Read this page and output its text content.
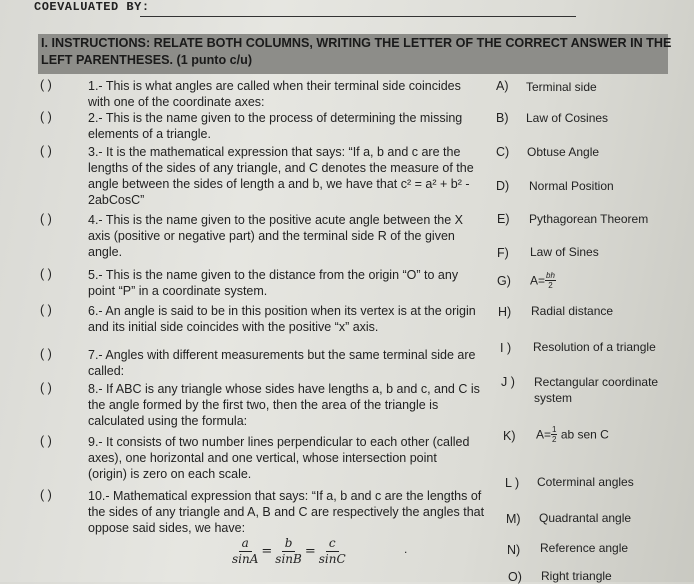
COEVALUATED BY:
I. INSTRUCTIONS: RELATE BOTH COLUMNS, WRITING THE LETTER OF THE CORRECT ANSWER IN THE
LEFT PARENTHESES. (1 punto c/u)
( )
( )
( )
( )
( )
( )
( )
( )
( )
( )
1.- This is what angles are called when their terminal side coincides
with one of the coordinate axes:
2.- This is the name given to the process of determining the missing
elements of a triangle.
3.- It is the mathematical expression that says: “If a, b and c are the
lengths of the sides of any triangle, and C denotes the measure of the
angle between the sides of length a and b, we have that c² = a² + b² -
2abCosC”
4.- This is the name given to the positive acute angle between the X
axis (positive or negative part) and the terminal side R of the given
angle.
5.- This is the name given to the distance from the origin “O” to any
point “P” in a coordinate system.
6.- An angle is said to be in this position when its vertex is at the origin
and its initial side coincides with the positive “x” axis.
7.- Angles with different measurements but the same terminal side are
called:
8.- If ABC is any triangle whose sides have lengths a, b and c, and C is
the angle formed by the first two, then the area of the triangle is
calculated using the formula:
9.- It consists of two number lines perpendicular to each other (called
axes), one horizontal and one vertical, whose intersection point
(origin) is zero on each scale.
10.- Mathematical expression that says: “If a, b and c are the lengths of
the sides of any triangle and A, B and C are respectively the angles that
oppose said sides, we have:
$\frac{a}{\sin A} = \frac{b}{\sin B} = \frac{c}{\sin C}$	.
A) Terminal side
B) Law of Cosines
C) Obtuse Angle
D) Normal Position
E) Pythagorean Theorem
F) Law of Sines
G) $A= \frac{bh}{2}$
H) Radial distance
I ) Resolution of a triangle
J ) Rectangular coordinate
system
K) $A= \frac{1}{2}$ ab sen C
L ) Coterminal angles
M) Quadrantal angle
N) Reference angle
O) Right triangle
